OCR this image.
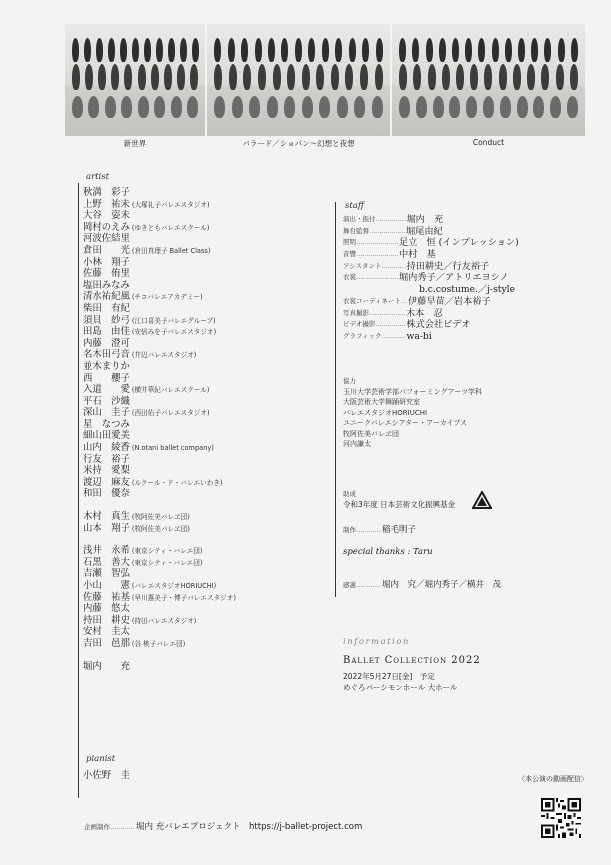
新世界	バラード／ショパン〜幻想と夜想	Conduct
artist
秋満　彩子
上野　祐未 (大塚礼子バレエスタジオ)
大谷　姿未
岡村のえみ (ゆきともバレエスクール)
河波佐結里
倉田　　光 (倉田真理子 Ballet Class)
小林　翔子
佐藤　侑里
塩田みなみ
清水祐紀風 (チコバレエアカデミー)
柴田　有紀
須貝　紗弓 (江口喜美子バレエグループ)
田島　由佳 (安倍みを子バレエスタジオ)
内藤　澄可
名木田弓音 (井辺バレエスタジオ)
並木まりか
西　　櫻子
入道　　愛 (横井華紀バレエスクール)
平石　沙織
深山　圭子 (西田佑子バレエスタジオ)
星　なつみ
細山田愛美
山内　綾香 (N.otani ballet company)
行友　裕子
米持　愛梨
渡辺　麻友 (ルクール・ド・バレエいわき)
和田　優奈
木村　真生 (牧阿佐美バレヱ団)
山本　翔子 (牧阿佐美バレヱ団)
浅井　永希 (東京シティ・バレエ団)
石黒　善大 (東京シティ・バレエ団)
吉瀬　智弘
小山　　憲 (バレエスタジオHORIUCHI)
佐藤　祐基 (早川惠美子・博子バレエスタジオ)
内藤　悠太
持田　耕史 (持田バレエスタジオ)
安村　圭太
吉田　邑那 (谷 桃子バレエ団)
堀内　　充
pianist
小佐野　圭
staff
演出・振付 …………… 堀内　充
舞台監督 ……………… 堀尾由紀
照明 ………………… 足立　恒 (インプレッション)
音響 ………………… 中村　基
アシスタント ………… 持田耕史／行友裕子
衣裳 ………………… 堀内秀子／アトリエヨシノ
b.c.costume.／j-style
衣裳コーディネート … 伊藤早苗／岩本裕子
写真撮影 ……………… 木本　忍
ビデオ撮影 …………… 株式会社ビデオ
グラフィック ………… wa-bi
協力
玉川大学芸術学部パフォーミングアーツ学科
大阪芸術大学舞踊研究室
バレエスタジオHORIUCHI
ユニークバレエシアター・アーカイブス
牧阿佐美バレヱ団
河内謙太
助成
令和3年度 日本芸術文化振興基金
制作 ………… 稲毛明子
special thanks : Taru
感謝 ………… 堀内　究／堀内秀子／横井　茂
information
Ballet Collection 2022
2022年5月27日[金]　予定
めぐろパーシモンホール 大ホール
〈本公演の動画配信〉
企画制作 ………… 堀内 充バレエプロジェクト　https://j-ballet-project.com
